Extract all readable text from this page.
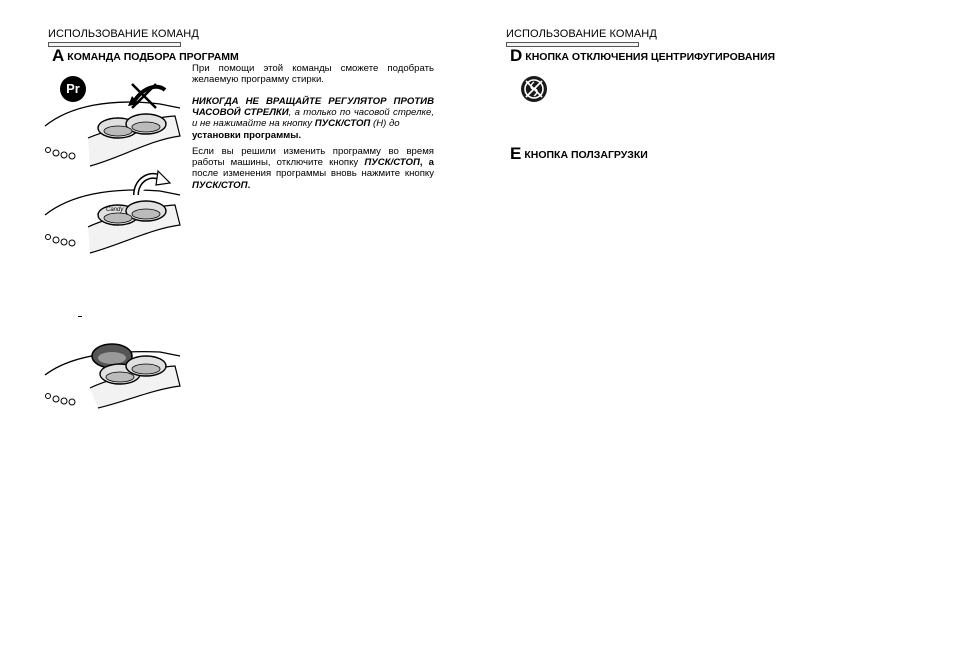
ИСПОЛЬЗОВАНИЕ КОМАНД
AКОМАНДА ПОДБОРА ПРОГРАММ
Pr
Candy
При помощи этой команды сможете подобрать желаемую программу стирки.
НИКОГДА НЕ ВРАЩАЙТЕ РЕГУЛЯТОР ПРОТИВ ЧАСОВОЙ СТРЕЛКИ, а только по часовой стрелке, и не нажимайте на кнопку ПУСК/СТОП (Н) до
установки программы.
Если вы решили изменить программу во время работы машины, отключите кнопку ПУСК/СТОП, а после изменения программы вновь нажмите кнопку ПУСК/СТОП.
ИСПОЛЬЗОВАНИЕ КОМАНД
DКНОПКА ОТКЛЮЧЕНИЯ ЦЕНТРИФУГИРОВАНИЯ
EКНОПКА ПОЛЗАГРУЗКИ
